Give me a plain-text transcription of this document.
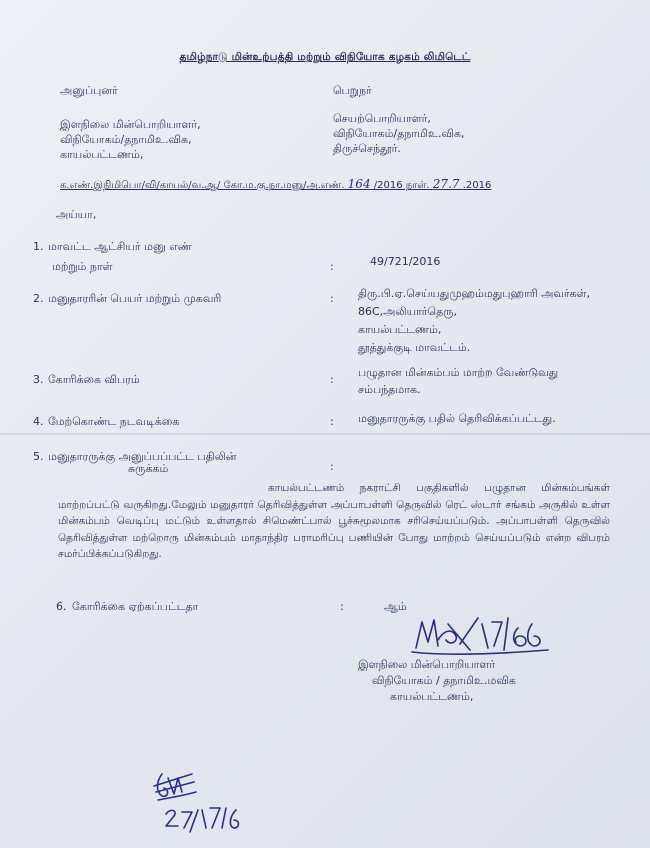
தமிழ்நாடு மின்உற்பத்தி மற்றும் விநியோக கழகம் லிமிடெட்
அனுப்புனர்
இளநிலை மின்பொறியாளர்,
விநியோகம்/தநாமிஉ.விக,
காயல்பட்டணம்,
பெறுநர்
செயற்பொறியாளர்,
விநியோகம்/தநாமிஉ.விக,
திருச்செந்தூர்.
க.எண்.இநிமிபொ/வி/காயல்/வ.ஆ/ கோ.ம.கு.நா.மனு/அ.எண். 164 /2016 நாள். 27.7 .2016
அய்யா,
1. மாவட்ட ஆட்சியர் மனு எண்
மற்றும் நாள்	:	49/721/2016
2. மனுதாரரின் பெயர் மற்றும் முகவரி	: திரு.பி.ஏ.செய்யதுமுஹம்மதுபுஹாரி அவர்கள்,
86C,அலியார்தெரு,
காயல்பட்டணம்,
தூத்துக்குடி மாவட்டம்.
3. கோரிக்கை விபரம்	:
பழுதான மின்கம்பம் மாற்ற வேண்டுவது
சம்பந்தமாக.
4. மேற்கொண்ட நடவடிக்கை	: மனுதாரருக்கு பதில் தெரிவிக்கப்பட்டது.
5. மனுதாரருக்கு அனுப்பப்பட்ட பதிலின்
சுருக்கம்	:
காயல்பட்டணம் நகராட்சி பகுதிகளில் பழுதான மின்கம்பங்கள் மாற்றப்பட்டு வருகிறது.மேலும் மனுதாரர் தெரிவித்துள்ள அப்பாபள்ளி தெருவில் ரெட் ஸ்டார் சங்கம் அருகில் உள்ள மின்கம்பம் வெடிப்பு மட்டும் உள்ளதால் சிமெண்ட்பால் பூச்சுமூலமாக சரிசெய்யப்படும். அப்பாபள்ளி தெருவில் தெரிவித்துள்ள மற்றொரு மின்கம்பம் மாதாந்திர பராமரிப்பு பணியின் போது மாற்றம் செய்யப்படும் என்ற விபரம் சமர்ப்பிக்கப்படுகிறது.
6. கோரிக்கை ஏற்கப்பட்டதா	:	ஆம்
இளநிலை மின்பொறியாளர்
விநியோகம் / தநாமிஉ.மவிக
காயல்பட்டணம்,
